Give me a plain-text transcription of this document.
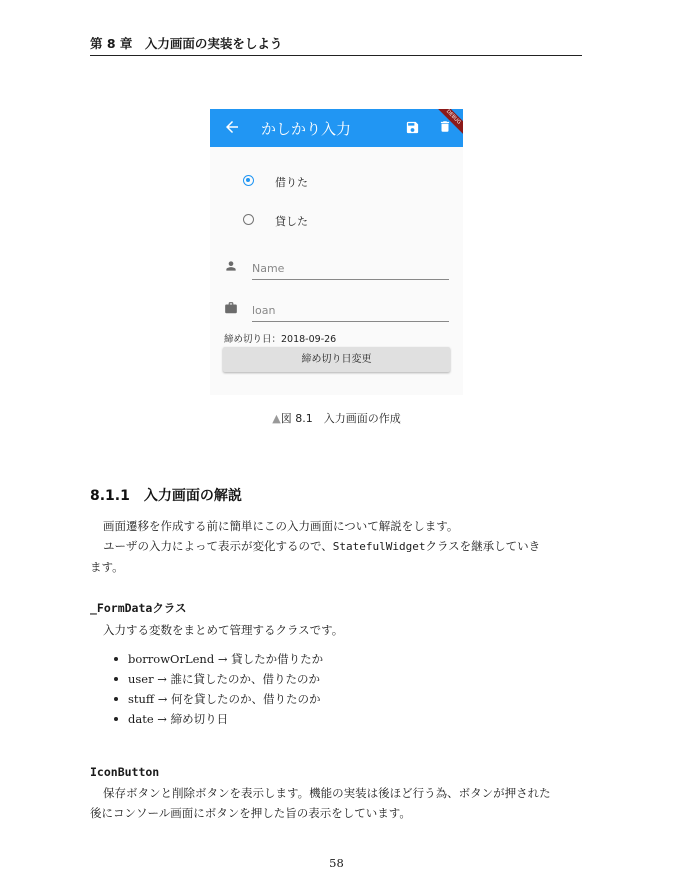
第 8 章　入力画面の実装をしよう
かしかり入力
DEBUG
借りた
貸した
Name
loan
締め切り日：2018-09-26
締め切り日変更
▲図 8.1　入力画面の作成
8.1.1　入力画面の解説
画面遷移を作成する前に簡単にこの入力画面について解説をします。
ユーザの入力によって表示が変化するので、StatefulWidgetクラスを継承していき
ます。
_FormDataクラス
入力する変数をまとめて管理するクラスです。
borrowOrLend → 貸したか借りたか
user → 誰に貸したのか、借りたのか
stuff → 何を貸したのか、借りたのか
date → 締め切り日
IconButton
保存ボタンと削除ボタンを表示します。機能の実装は後ほど行う為、ボタンが押された
後にコンソール画面にボタンを押した旨の表示をしています。
58
